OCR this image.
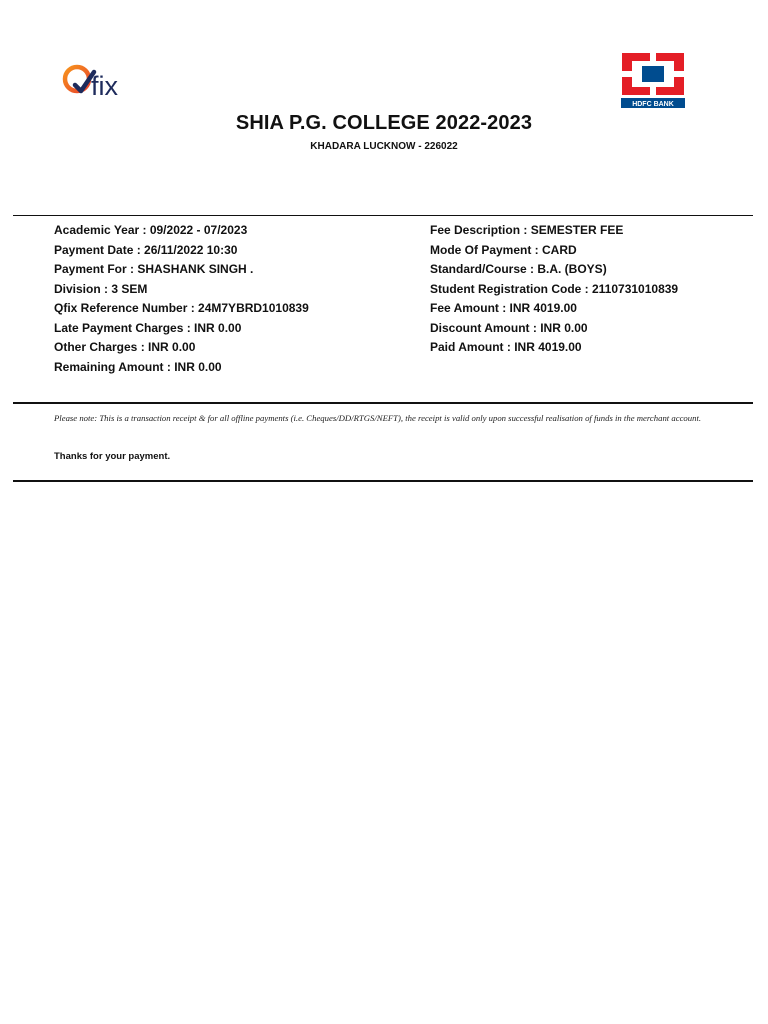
fix
HDFC BANK
SHIA P.G. COLLEGE 2022-2023
KHADARA LUCKNOW - 226022
Academic Year : 09/2022 - 07/2023
Payment Date : 26/11/2022 10:30
Payment For : SHASHANK SINGH .
Division : 3 SEM
Qfix Reference Number : 24M7YBRD1010839
Late Payment Charges : INR 0.00
Other Charges : INR 0.00
Remaining Amount : INR 0.00
Fee Description : SEMESTER FEE
Mode Of Payment : CARD
Standard/Course : B.A. (BOYS)
Student Registration Code : 2110731010839
Fee Amount : INR 4019.00
Discount Amount : INR 0.00
Paid Amount : INR 4019.00
Please note: This is a transaction receipt & for all offline payments (i.e. Cheques/DD/RTGS/NEFT), the receipt is valid only upon successful realisation of funds in the merchant account.
Thanks for your payment.
